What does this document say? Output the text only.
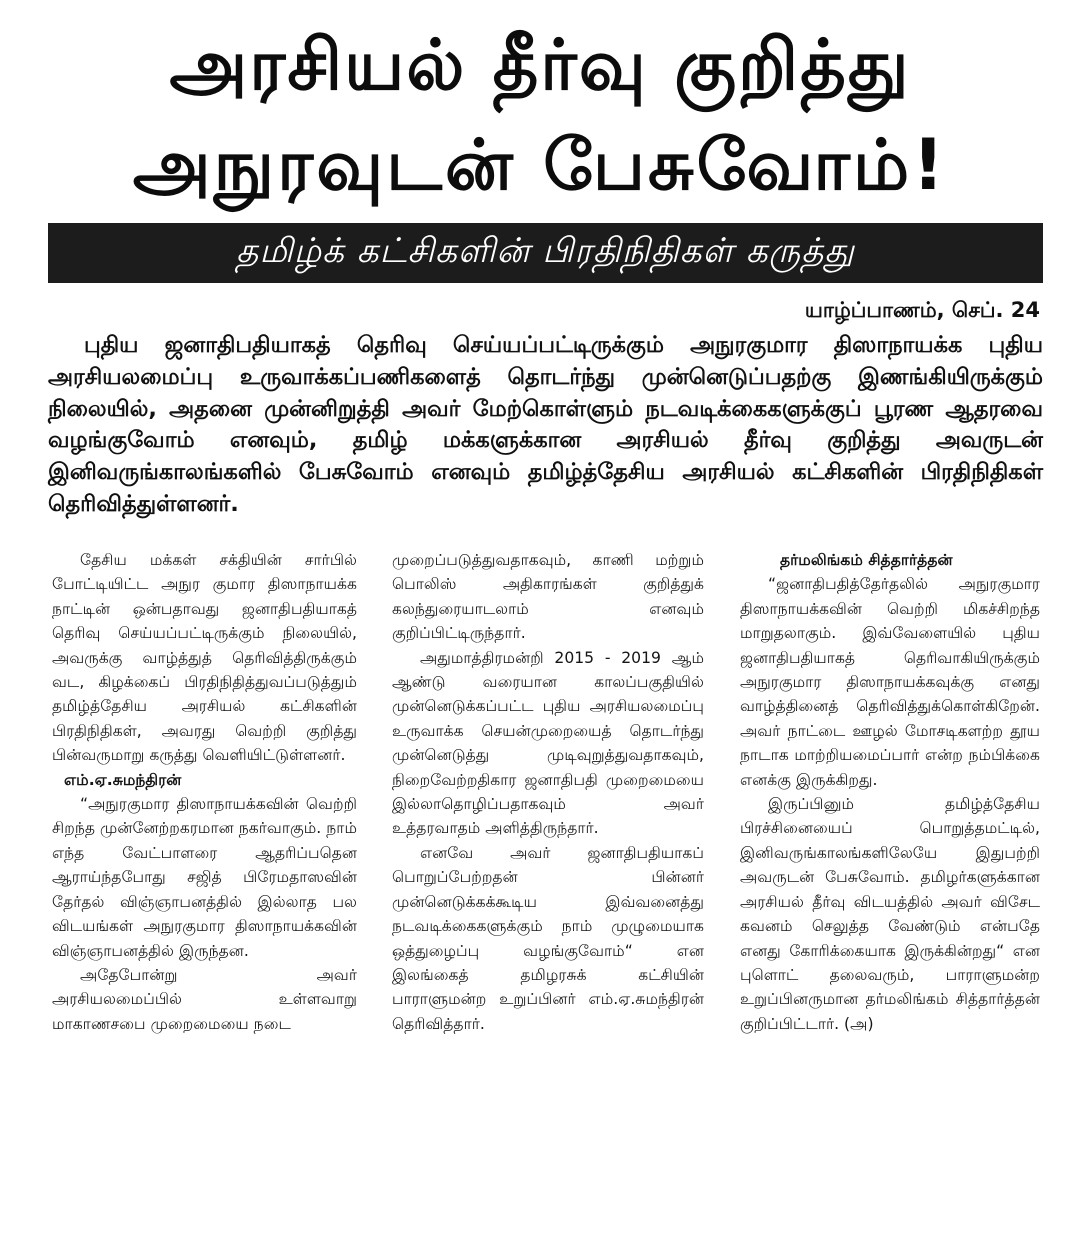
அரசியல் தீர்வு குறித்து
அநுரவுடன் பேசுவோம்!
தமிழ்க் கட்சிகளின் பிரதிநிதிகள் கருத்து
யாழ்ப்பாணம், செப். 24

புதிய ஜனாதிபதியாகத் தெரிவு செய்யப்பட்டிருக்கும் அநுரகுமார திஸாநாயக்க புதிய அரசியலமைப்பு உருவாக்கப்பணிகளைத் தொடர்ந்து முன்னெடுப்பதற்கு இணங்கியிருக்கும் நிலையில், அதனை முன்னிறுத்தி அவர் மேற்கொள்ளும் நடவடிக்கைகளுக்குப் பூரண ஆதரவை வழங்குவோம் எனவும், தமிழ் மக்களுக்கான அரசியல் தீர்வு குறித்து அவருடன் இனிவருங்காலங்களில் பேசுவோம் எனவும் தமிழ்த்தேசிய அரசியல் கட்சிகளின் பிரதிநிதிகள் தெரிவித்துள்ளனர்.

தேசிய மக்கள் சக்தியின் சார்பில் போட்டியிட்ட அநுர குமார திஸாநாயக்க நாட்டின் ஒன்பதாவது ஜனாதிபதியாகத் தெரிவு செய்யப்பட்டிருக்கும் நிலையில், அவருக்கு வாழ்த்துத் தெரிவித்திருக்கும் வட, கிழக்கைப் பிரதிநிதித்துவப்படுத்தும் தமிழ்த்தேசிய அரசியல் கட்சிகளின் பிரதிநிதிகள், அவரது வெற்றி குறித்து பின்வருமாறு கருத்து வெளியிட்டுள்ளனர்.

எம்.ஏ.சுமந்திரன்

“அநுரகுமார திஸாநாயக்கவின் வெற்றி சிறந்த முன்னேற்றகரமான நகர்வாகும். நாம் எந்த வேட்பாளரை ஆதரிப்பதென ஆராய்ந்தபோது சஜித் பிரேமதாஸவின் தேர்தல் விஞ்ஞாபனத்தில் இல்லாத பல விடயங்கள் அநுரகுமார திஸாநாயக்கவின் விஞ்ஞாபனத்தில் இருந்தன.

அதேபோன்று அவர் அரசியலமைப்பில் உள்ளவாறு மாகாணசபை முறைமையை நடை

முறைப்படுத்துவதாகவும், காணி மற்றும் பொலிஸ் அதிகாரங்கள் குறித்துக் கலந்துரையாடலாம் எனவும் குறிப்பிட்டிருந்தார்.

அதுமாத்திரமன்றி 2015 - 2019 ஆம் ஆண்டு வரையான காலப்பகுதியில் முன்னெடுக்கப்பட்ட புதிய அரசியலமைப்பு உருவாக்க செயன்முறையைத் தொடர்ந்து முன்னெடுத்து முடிவுறுத்துவதாகவும், நிறைவேற்றதிகார ஜனாதிபதி முறைமையை இல்லாதொழிப்பதாகவும் அவர் உத்தரவாதம் அளித்திருந்தார்.

எனவே அவர் ஜனாதிபதியாகப் பொறுப்பேற்றதன் பின்னர் முன்னெடுக்கக்கூடிய இவ்வனைத்து நடவடிக்கைகளுக்கும் நாம் முழுமையாக ஒத்துழைப்பு வழங்குவோம்“ என இலங்கைத் தமிழரசுக் கட்சியின் பாராளுமன்ற உறுப்பினர் எம்.ஏ.சுமந்திரன் தெரிவித்தார்.

தர்மலிங்கம் சித்தார்த்தன்

“ஜனாதிபதித்தேர்தலில் அநுரகுமார திஸாநாயக்கவின் வெற்றி மிகச்சிறந்த மாறுதலாகும். இவ்வேளையில் புதிய ஜனாதிபதியாகத் தெரிவாகியிருக்கும் அநுரகுமார திஸாநாயக்கவுக்கு எனது வாழ்த்தினைத் தெரிவித்துக்கொள்கிறேன். அவர் நாட்டை ஊழல் மோசடிகளற்ற தூய நாடாக மாற்றியமைப்பார் என்ற நம்பிக்கை எனக்கு இருக்கிறது.

இருப்பினும் தமிழ்த்தேசிய பிரச்சினையைப் பொறுத்தமட்டில், இனிவருங்காலங்களிலேயே இதுபற்றி அவருடன் பேசுவோம். தமிழர்களுக்கான அரசியல் தீர்வு விடயத்தில் அவர் விசேட கவனம் செலுத்த வேண்டும் என்பதே எனது கோரிக்கையாக இருக்கின்றது“ என புளொட் தலைவரும், பாராளுமன்ற உறுப்பினருமான தர்மலிங்கம் சித்தார்த்தன் குறிப்பிட்டார். (அ)
